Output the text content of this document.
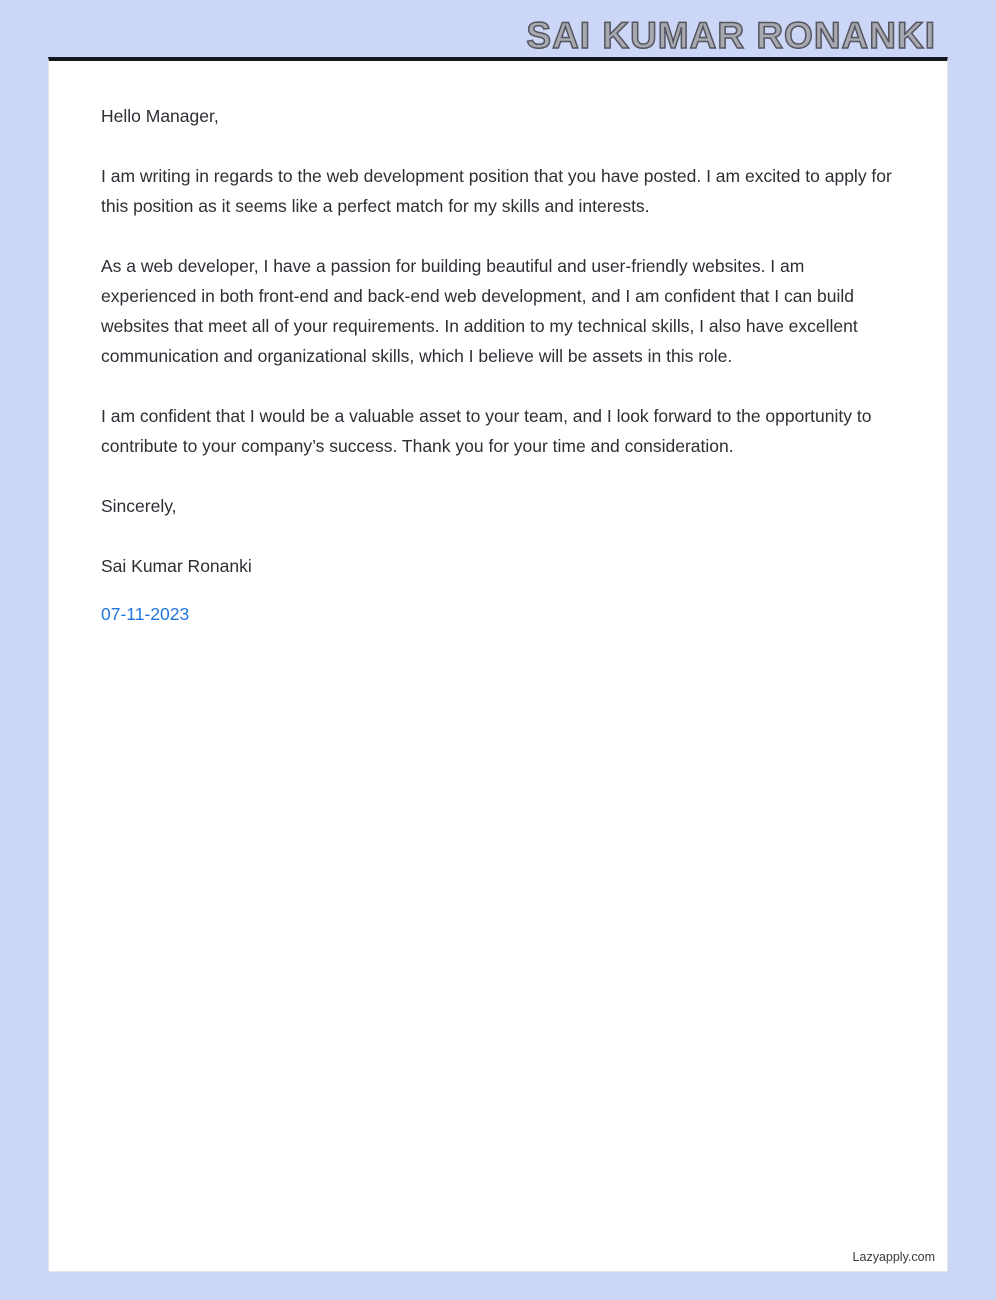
SAI KUMAR RONANKI

Hello Manager,

I am writing in regards to the web development position that you have posted. I am excited to apply for this position as it seems like a perfect match for my skills and interests.

As a web developer, I have a passion for building beautiful and user-friendly websites. I am experienced in both front-end and back-end web development, and I am confident that I can build websites that meet all of your requirements. In addition to my technical skills, I also have excellent communication and organizational skills, which I believe will be assets in this role.

I am confident that I would be a valuable asset to your team, and I look forward to the opportunity to contribute to your company’s success. Thank you for your time and consideration.

Sincerely,

Sai Kumar Ronanki

07-11-2023

Lazyapply.com
